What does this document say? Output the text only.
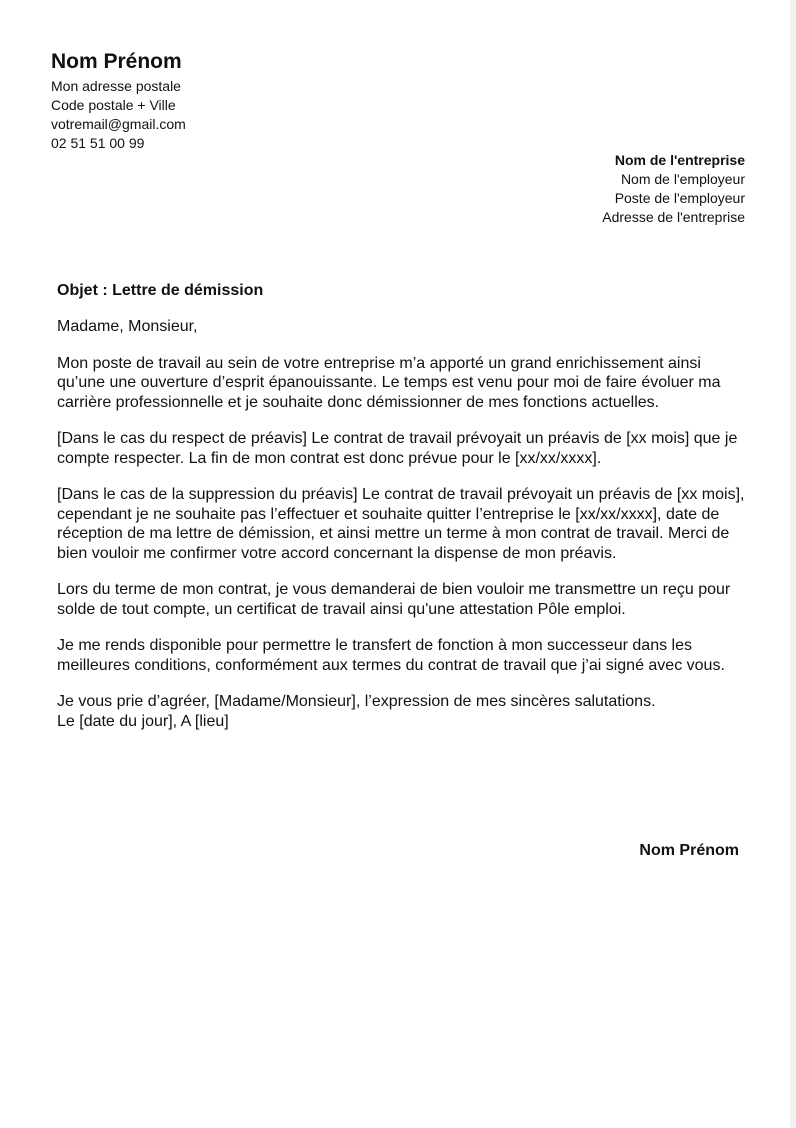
Nom Prénom
Mon adresse postale
Code postale + Ville
votremail@gmail.com
02 51 51 00 99
Nom de l'entreprise
Nom de l'employeur
Poste de l'employeur
Adresse de l'entreprise
Objet : Lettre de démission

Madame, Monsieur,

Mon poste de travail au sein de votre entreprise m’a apporté un grand enrichissement ainsi qu’une une ouverture d’esprit épanouissante. Le temps est venu pour moi de faire évoluer ma carrière professionnelle et je souhaite donc démissionner de mes fonctions actuelles.

[Dans le cas du respect de préavis] Le contrat de travail prévoyait un préavis de [xx mois] que je compte respecter. La fin de mon contrat est donc prévue pour le [xx/xx/xxxx].

[Dans le cas de la suppression du préavis] Le contrat de travail prévoyait un préavis de [xx mois], cependant je ne souhaite pas l’effectuer et souhaite quitter l’entreprise le [xx/xx/xxxx], date de réception de ma lettre de démission, et ainsi mettre un terme à mon contrat de travail. Merci de bien vouloir me confirmer votre accord concernant la dispense de mon préavis.

Lors du terme de mon contrat, je vous demanderai de bien vouloir me transmettre un reçu pour solde de tout compte, un certificat de travail ainsi qu'une attestation Pôle emploi.

Je me rends disponible pour permettre le transfert de fonction à mon successeur dans les meilleures conditions, conformément aux termes du contrat de travail que j’ai signé avec vous.

Je vous prie d’agréer, [Madame/Monsieur], l’expression de mes sincères salutations.
Le [date du jour], A [lieu]
Nom Prénom
